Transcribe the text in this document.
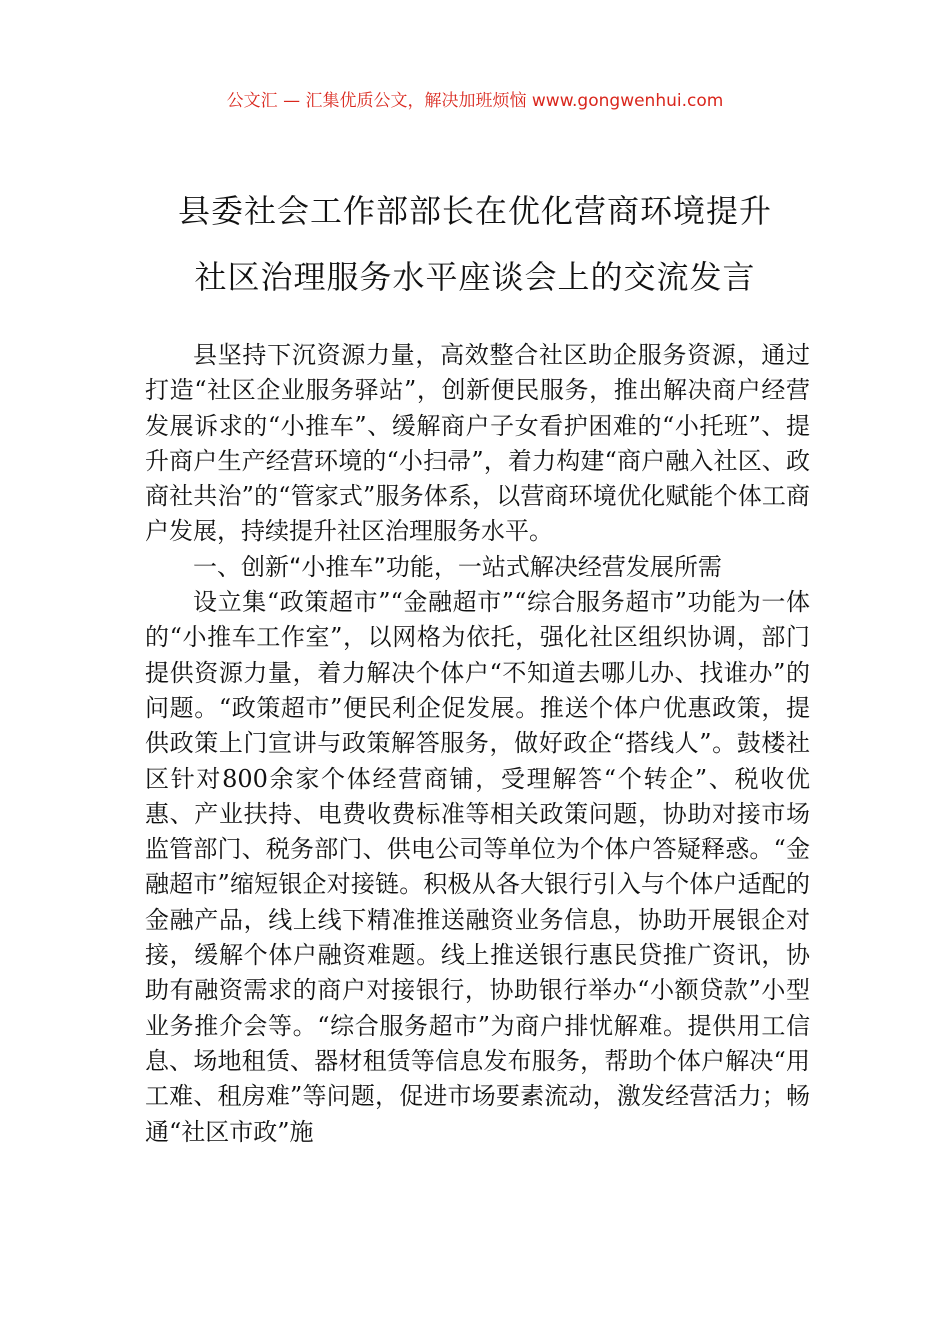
公文汇 — 汇集优质公文，解决加班烦恼 www.gongwenhui.com
县委社会工作部部长在优化营商环境提升
社区治理服务水平座谈会上的交流发言

县坚持下沉资源力量，高效整合社区助企服务资源，通过打造“社区企业服务驿站”，创新便民服务，推出解决商户经营发展诉求的“小推车”、缓解商户子女看护困难的“小托班”、提升商户生产经营环境的“小扫帚”，着力构建“商户融入社区、政商社共治”的“管家式”服务体系，以营商环境优化赋能个体工商户发展，持续提升社区治理服务水平。

一、创新“小推车”功能，一站式解决经营发展所需

设立集“政策超市”“金融超市”“综合服务超市”功能为一体的“小推车工作室”，以网格为依托，强化社区组织协调，部门提供资源力量，着力解决个体户“不知道去哪儿办、找谁办”的问题。“政策超市”便民利企促发展。推送个体户优惠政策，提供政策上门宣讲与政策解答服务，做好政企“搭线人”。鼓楼社区针对800余家个体经营商铺，受理解答“个转企”、税收优惠、产业扶持、电费收费标准等相关政策问题，协助对接市场监管部门、税务部门、供电公司等单位为个体户答疑释惑。“金融超市”缩短银企对接链。积极从各大银行引入与个体户适配的金融产品，线上线下精准推送融资业务信息，协助开展银企对接，缓解个体户融资难题。线上推送银行惠民贷推广资讯，协助有融资需求的商户对接银行，协助银行举办“小额贷款”小型业务推介会等。“综合服务超市”为商户排忧解难。提供用工信息、场地租赁、器材租赁等信息发布服务，帮助个体户解决“用工难、租房难”等问题，促进市场要素流动，激发经营活力；畅通“社区市政”施
